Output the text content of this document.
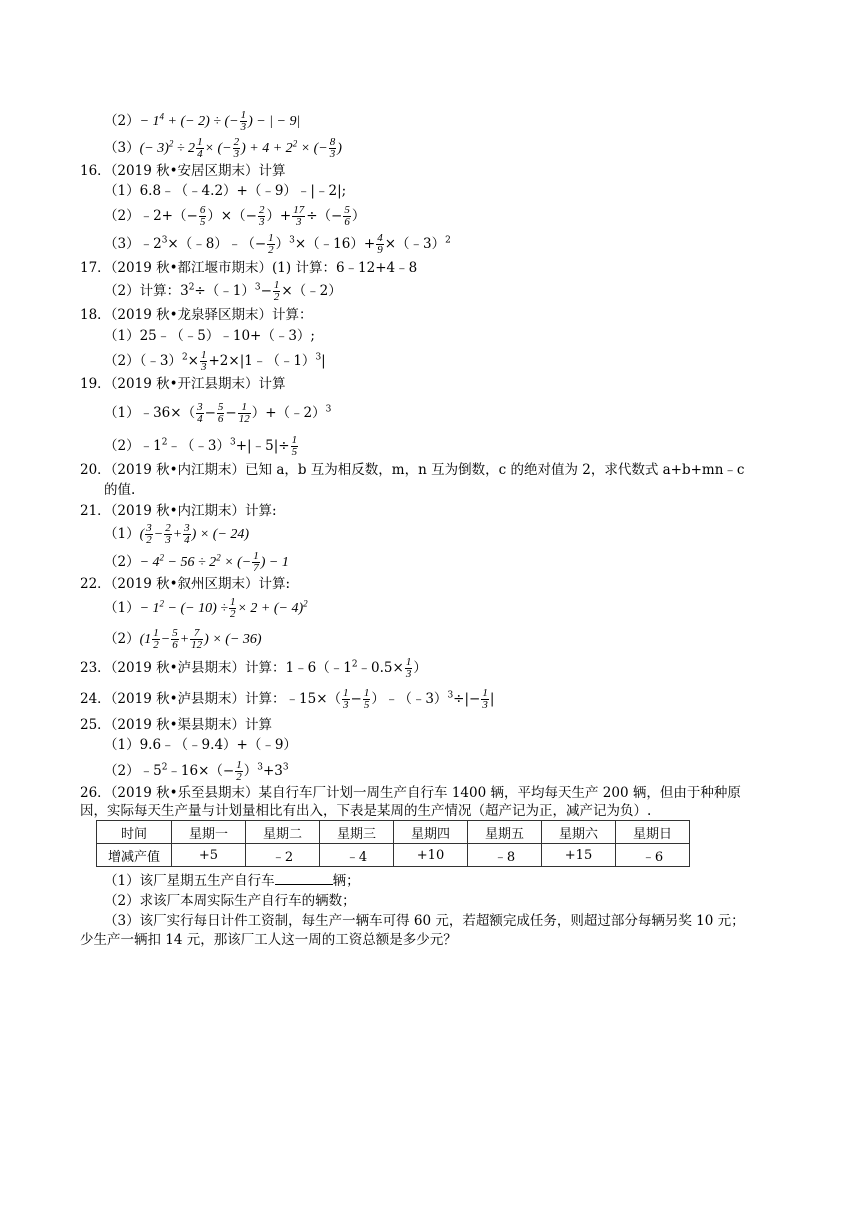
$(2)- 1^4$ + (− 2) ÷ (− $\frac{1}{3}$ ) − | − 9|
$(3)(- 3)^2 \div 2 \frac{1}{4}$ × (− $\frac{2}{3}$ ) + $4 + 2^2$ × (− $\frac{8}{3}$ )
16．（2019 秋•安居区期末）计算
（1）6.8﹣（﹣4.2）+（﹣9）﹣|﹣2|;
（2）﹣2+（− $\frac{6}{5}$ ）×（− $\frac{2}{3}$ ）+ $\frac{17}{3}$ ÷（− $\frac{5}{6}$ ）
$(3)﹣2^3\times(﹣8)﹣(- \frac{1}{2}$ ）$^3$×（﹣16）+ $\frac{4}{9}$ ×（﹣3）$^2$
17．（2019 秋•都江堰市期末）(1) 计算：6﹣12+4﹣8
（2）计算：$3^2\div(﹣1)^3- \frac{1}{2}$ ×（﹣2）
18．（2019 秋•龙泉驿区期末）计算：
（1）25﹣（﹣5）﹣10+（﹣3）;
（2）（﹣3）$^2$× $\frac{1}{3}$ +2×|1﹣（﹣1）$^3$|
19．（2019 秋•开江县期末）计算
（1）﹣36×（ $\frac{3}{4} - \frac{5}{6} - \frac{1}{12}$ ）+（﹣2）$^3$
$(2)﹣1^2﹣(﹣3)^3+|﹣5|\div \frac{1}{5}$
20．（2019 秋•内江期末）已知 a，b 互为相反数，m，n 互为倒数，c 的绝对值为 2，求代数式 a+b+mn﹣c
的值.
21．（2019 秋•内江期末）计算:
$(1)( \frac{3}{2} - \frac{2}{3} + \frac{3}{4}$ ) × (− 24)
$(2)- 4^2 - 56 \div 2^2$ × (− $\frac{1}{7}$ ) − 1
22．（2019 秋•叙州区期末）计算:
$(1)- 1^2$ − (− $10) \div \frac{1}{2} \times 2$ + (− 4)$^2$
$(2)(1 \frac{1}{2} - \frac{5}{6} + \frac{7}{12}$ ) × (− 36)
23．（2019 秋•泸县期末）计算：$1﹣6(﹣1^2﹣0.5\times \frac{1}{3}$ ）
24．（2019 秋•泸县期末）计算：﹣15×（ $\frac{1}{3} - \frac{1}{5}$ ）﹣（﹣3）$^3$÷|− $\frac{1}{3}$ |
25．（2019 秋•渠县期末）计算
（1）9.6﹣（﹣9.4）+（﹣9）
$(2)﹣5^2﹣16\times(- \frac{1}{2} )^3+3^3$
26．（2019 秋•乐至县期末）某自行车厂计划一周生产自行车 1400 辆，平均每天生产 200 辆，但由于种种原
因，实际每天生产量与计划量相比有出入，下表是某周的生产情况（超产记为正，减产记为负）.
时间	星期一	星期二	星期三	星期四	星期五	星期六	星期日
增减产值	+5	﹣2	﹣4	+10	﹣8	+15	﹣6
（1）该厂星期五生产自行车	辆；
（2）求该厂本周实际生产自行车的辆数；
（3）该厂实行每日计件工资制，每生产一辆车可得 60 元，若超额完成任务，则超过部分每辆另奖 10 元；
少生产一辆扣 14 元，那该厂工人这一周的工资总额是多少元？
